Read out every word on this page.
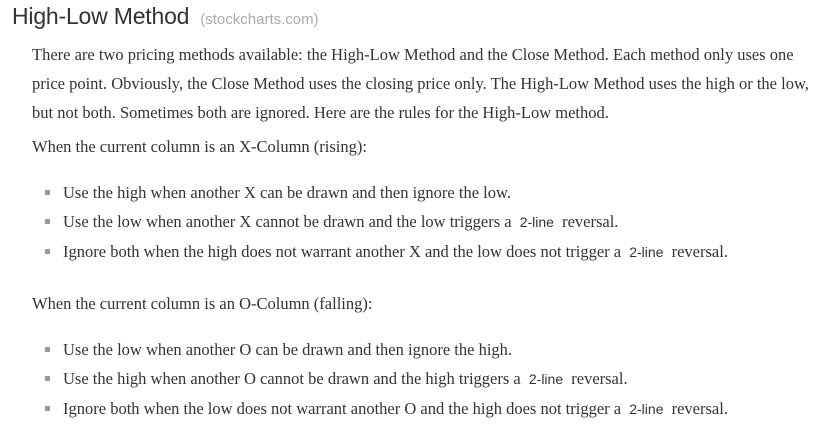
High-Low Method (stockcharts.com)

There are two pricing methods available: the High-Low Method and the Close Method. Each method only uses one price point. Obviously, the Close Method uses the closing price only. The High-Low Method uses the high or the low, but not both. Sometimes both are ignored. Here are the rules for the High-Low method.

When the current column is an X-Column (rising):

Use the high when another X can be drawn and then ignore the low.
Use the low when another X cannot be drawn and the low triggers a 2-line reversal.
Ignore both when the high does not warrant another X and the low does not trigger a 2-line reversal.

When the current column is an O-Column (falling):

Use the low when another O can be drawn and then ignore the high.
Use the high when another O cannot be drawn and the high triggers a 2-line reversal.
Ignore both when the low does not warrant another O and the high does not trigger a 2-line reversal.
